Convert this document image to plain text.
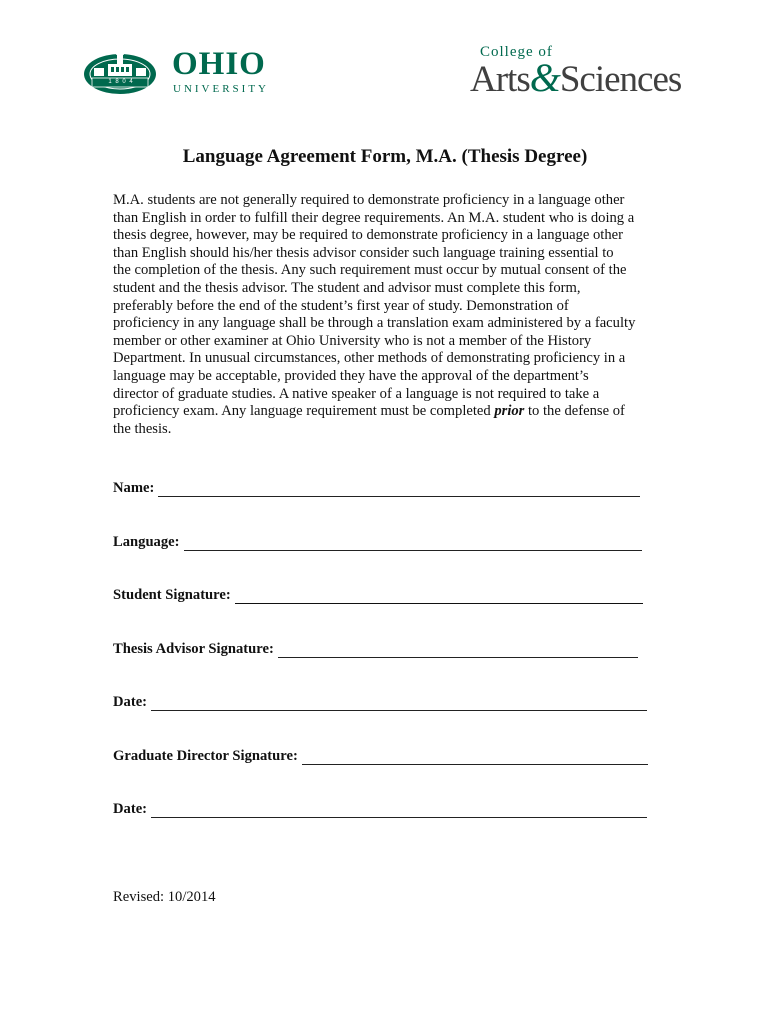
1 8 0 4	OHIO
UNIVERSITY
College of
Arts&Sciences
Language Agreement Form, M.A. (Thesis Degree)
M.A. students are not generally required to demonstrate proficiency in a language other
than English in order to fulfill their degree requirements. An M.A. student who is doing a
thesis degree, however, may be required to demonstrate proficiency in a language other
than English should his/her thesis advisor consider such language training essential to
the completion of the thesis. Any such requirement must occur by mutual consent of the
student and the thesis advisor. The student and advisor must complete this form,
preferably before the end of the student’s first year of study. Demonstration of
proficiency in any language shall be through a translation exam administered by a faculty
member or other examiner at Ohio University who is not a member of the History
Department. In unusual circumstances, other methods of demonstrating proficiency in a
language may be acceptable, provided they have the approval of the department’s
director of graduate studies. A native speaker of a language is not required to take a
proficiency exam. Any language requirement must be completed prior to the defense of
the thesis.
Name:
Language:
Student Signature:
Thesis Advisor Signature:
Date:
Graduate Director Signature:
Date:
Revised: 10/2014
